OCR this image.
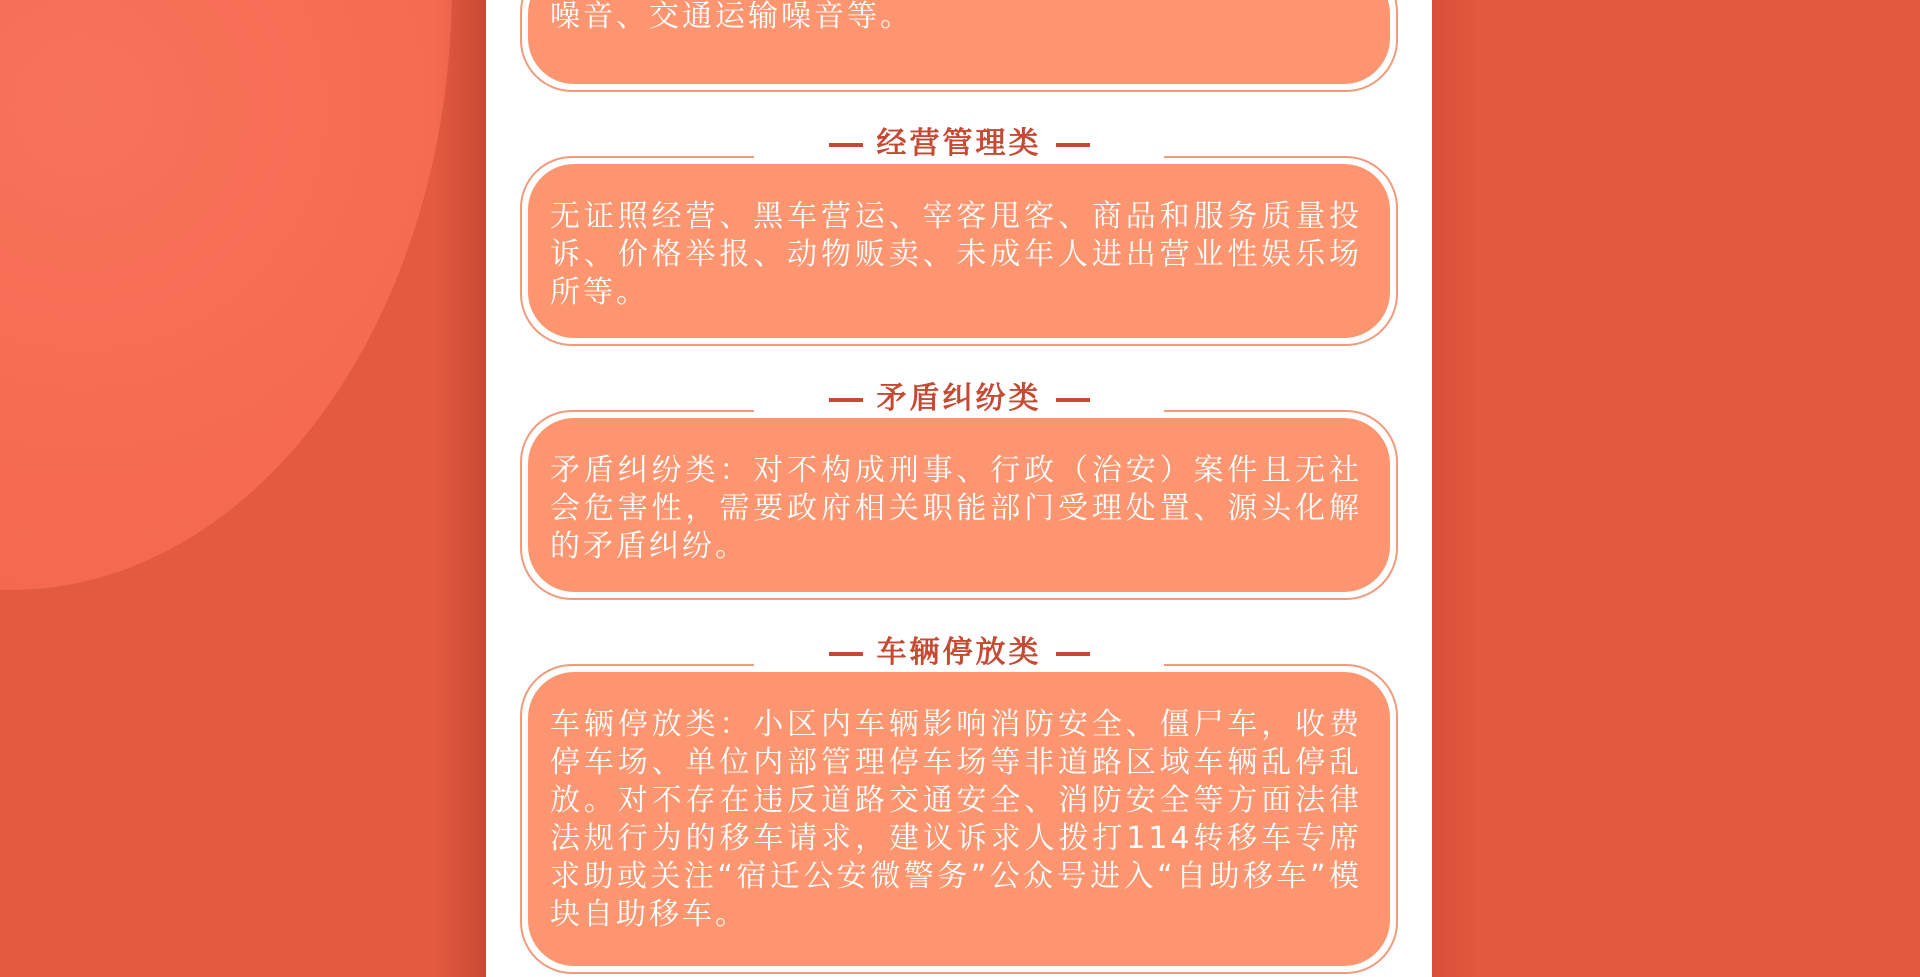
噪音、交通运输噪音等。

无证照经营、黑车营运、宰客甩客、商品和服务质量投诉、价格举报、动物贩卖、未成年人进出营业性娱乐场所等。

经营管理类

矛盾纠纷类：对不构成刑事、行政（治安）案件且无社会危害性，需要政府相关职能部门受理处置、源头化解的矛盾纠纷。

矛盾纠纷类

车辆停放类：小区内车辆影响消防安全、僵尸车，收费停车场、单位内部管理停车场等非道路区域车辆乱停乱放。对不存在违反道路交通安全、消防安全等方面法律法规行为的移车请求，建议诉求人拨打114转移车专席求助或关注“宿迁公安微警务”公众号进入“自助移车”模块自助移车。

车辆停放类
